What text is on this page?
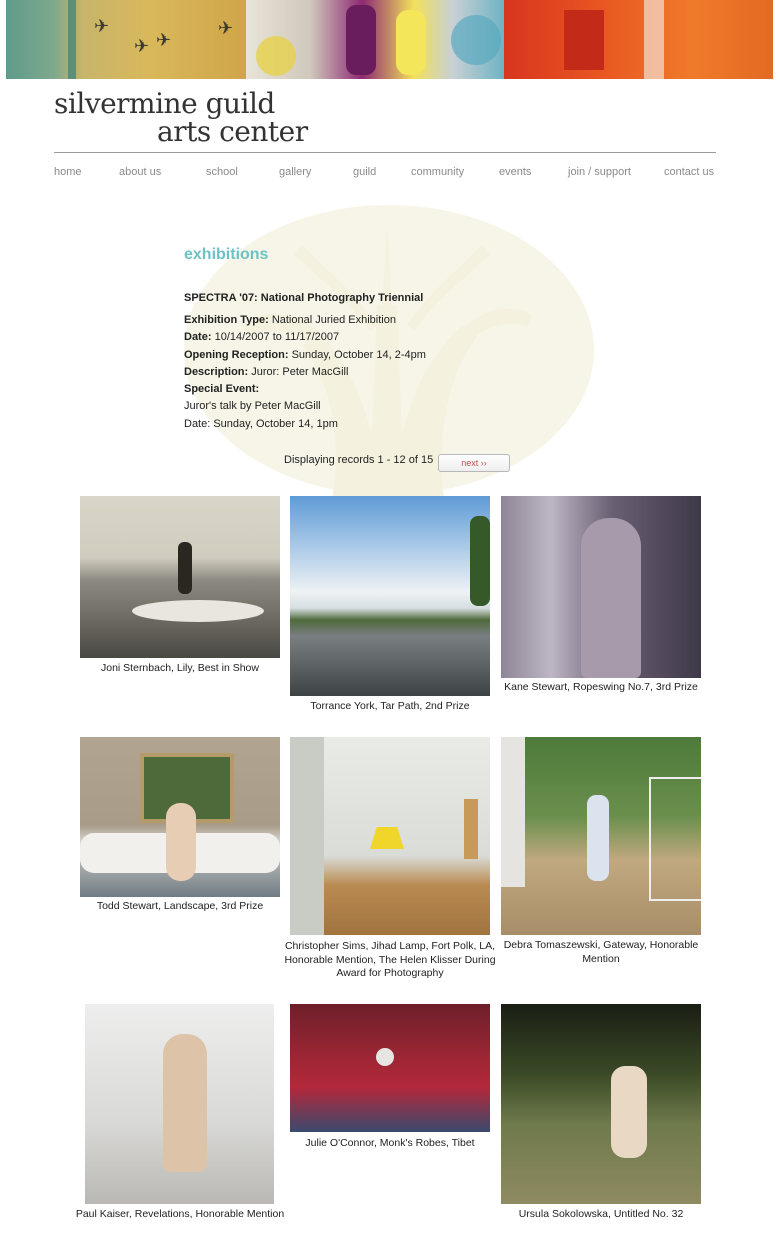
✈
✈ ✈
✈
silvermine guild
arts center
home	about us	school	gallery	guild	community	events	join / support	contact us
exhibitions
SPECTRA '07: National Photography Triennial
Exhibition Type: National Juried Exhibition
Date: 10/14/2007 to 11/17/2007
Opening Reception: Sunday, October 14, 2-4pm
Description: Juror: Peter MacGill
Special Event:
Juror's talk by Peter MacGill
Date: Sunday, October 14, 1pm
Displaying records 1 - 12 of 15	next ››
Joni Sternbach, Lily, Best in Show
Torrance York, Tar Path, 2nd Prize
Kane Stewart, Ropeswing No.7, 3rd Prize
Todd Stewart, Landscape, 3rd Prize
Christopher Sims, Jihad Lamp, Fort Polk, LA, Honorable Mention, The Helen Klisser During Award for Photography
Debra Tomaszewski, Gateway, Honorable Mention
Paul Kaiser, Revelations, Honorable Mention
Julie O'Connor, Monk's Robes, Tibet
Ursula Sokolowska, Untitled No. 32
